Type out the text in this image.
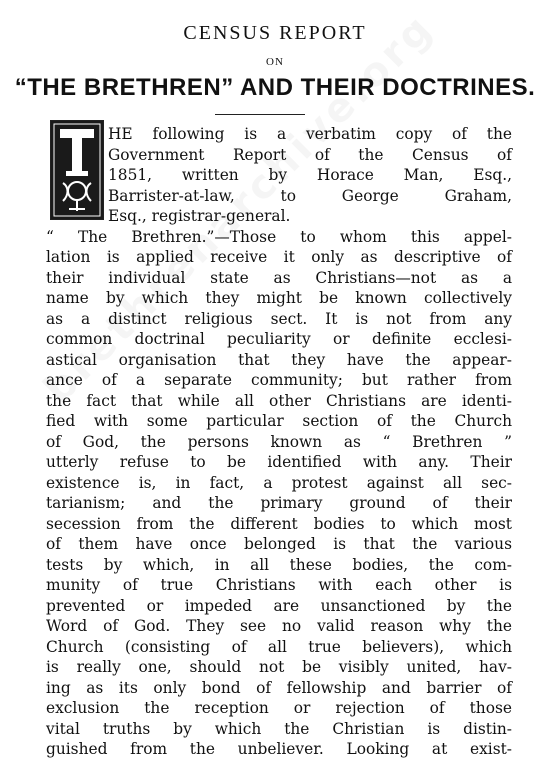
CENSUS REPORT
ON
“THE BRETHREN” AND THEIR DOCTRINES.
HE following is a verbatim copy of the
Government Report of the Census of
1851, written by Horace Man, Esq.,
Barrister-at-law, to George Graham,
Esq., registrar-general.
“ The Brethren.”—Those to whom this appel-
lation is applied receive it only as descriptive of
their individual state as Christians—not as a
name by which they might be known collectively
as a distinct religious sect. It is not from any
common doctrinal peculiarity or definite ecclesi-
astical organisation that they have the appear-
ance of a separate community; but rather from
the fact that while all other Christians are identi-
fied with some particular section of the Church
of God, the persons known as “ Brethren ”
utterly refuse to be identified with any. Their
existence is, in fact, a protest against all sec-
tarianism; and the primary ground of their
secession from the different bodies to which most
of them have once belonged is that the various
tests by which, in all these bodies, the com-
munity of true Christians with each other is
prevented or impeded are unsanctioned by the
Word of God. They see no valid reason why the
Church (consisting of all true believers), which
is really one, should not be visibly united, hav-
ing as its only bond of fellowship and barrier of
exclusion the reception or rejection of those
vital truths by which the Christian is distin-
guished from the unbeliever. Looking at exist-
